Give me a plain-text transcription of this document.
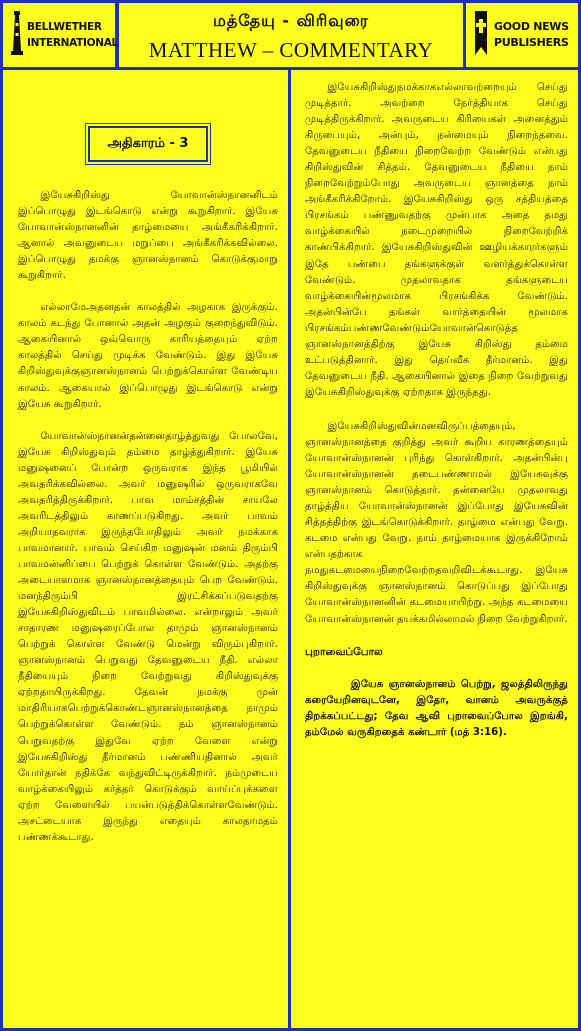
BELLWETHER
INTERNATIONAL
மத்தேயு - விரிவுரை
MATTHEW – COMMENTARY
GOOD NEWS
PUBLISHERS
அதிகாரம் - 3

இயேசுகிறிஸ்து யோவான்ஸ்நானனிடம் இப்பொழுது இடங்கொடு என்று கூறுகிறார். இயேசு யோவான்ஸ்நானனின் தாழ்மையை அங்கீகரிக்கிறார். ஆனால் அவனுடைய மறுப்பை அங்கீகரிக்கவில்லை. இப்பொழுது தமக்கு ஞானஸ்நானம் கொடுக்குமாறு கூறுகிறார்.

எல்லாமேஅதனதன் காலத்தில் அழகாக இருக்கும். காலம் கடந்து போனால் அதன் அழகும் குறைந்துவிடும். ஆகையினால் ஒவ்வொரு காரியத்தையும் ஏற்ற காலத்தில் செய்து முடிக்க வேண்டும். இது இயேசு கிறிஸ்துவுக்குஞானஸ்நானம் பெற்றுக்கொள்ள வேண்டிய காலம். ஆகையால் இப்பொழுது இடங்கொடு என்று இயேசு கூறுகிறார்.

யோவான்ஸ்நானன்தன்னைதாழ்த்துவது போலவே, இயேசு கிறிஸ்துவும் தம்மை தாழ்த்துகிறார். இயேசு மனுஷனைப் போன்ற ஒருவராக இந்த பூமியில் அவதரிக்கவில்லை. அவர் மனுஷரில் ஒருவராகவே அவதரித்திருக்கிறார். பாவ மாம்சத்தின் சாயலே அவரிடத்திலும் காணப்படுகிறது. அவர் பாவம் அறியாதவராக இருந்தபோதிலும் அவர் நமக்காக பாவமானார். பாவம் செய்கிற மனுஷன் மனம் திரும்பி பாவமன்னிப்பை பெற்றுக் கொள்ள வேண்டும். அதற்கு அடையாளமாக ஞானஸ்நானத்தையும் பெற வேண்டும். மனந்திரும்பி இரட்சிக்கப்படுவதற்கு இயேசுகிறிஸ்துவிடம் பாவமில்லை. என்றாலும் அவர் சாதாரண மனுஷரைப்போல தாமும் ஞானஸ்நானம் பெற்றுக் கொள்ள வேண்டு மென்று விரும்புகிறார். ஞானஸ்நானம் பெறுவது தேவனுடைய நீதி. எல்லா நீதியையும் நிறை வேற்றுவது கிறிஸ்துவுக்கு ஏற்றதாயிருக்கிறது. தேவன் நமக்கு முன் மாதிரியாகபெற்றுக்கொண்டஞானஸ்நானத்தை நாமும் பெற்றுக்கொள்ள வேண்டும். நம் ஞானஸ்நானம் பெறுவதற்கு இதுவே ஏற்ற வேளை என்று இயேசுகிறிஸ்து தீர்மானம் பண்ணியதினால் அவர் யோர்தான் நதிக்கே வந்துவிட்டிருக்கிறார். நம்முடைய வாழ்க்கையிலும் கர்த்தர் கொடுக்கும் வாய்ப்புக்களை ஏற்ற வேளையில் பயன்படுத்திக்கொள்ளவேண்டும். அசட்டையாக இருந்து எதையும் காலதாமதம் பண்ணக்கூடாது.

இயேசுகிறிஸ்துநமக்காகஎல்லாவற்றையும் செய்து முடித்தார். அவற்றை நேர்த்தியாக செய்து முடித்திருக்கிறார். அவருடைய கிரியைகள் அனைத்தும் கிருபையும், அன்பும், நன்மையும் நிறைந்தவை. தேவனுடைய நீதியை நிறைவேற்ற வேண்டும் என்பது கிறிஸ்துவின் சித்தம். தேவனுடைய நீதியை நாம் நிறைவேற்றும்போது அவருடைய ஞானத்தை நாம் அங்கீகரிக்கிறோம். இயேசுகிறிஸ்து ஒரு சத்தியத்தை பிரசங்கம் பண்ணுவதற்கு முன்பாக அதை தமது வாழ்க்கையில் நடைமுறையில் நிறைவேற்றிக் காண்பிக்கிறார். இயேசுகிறிஸ்துவின் ஊழியக்காரர்களும் இதே பண்பை தங்களுக்குள் வளர்த்துக்கொள்ள வேண்டும். முதலாவதாக தங்களுடைய வாழ்க்கையின்மூலமாக பிரசங்கிக்க வேண்டும். அதன்பின்பே தங்கள் வார்த்தையின் மூலமாக பிரசங்கம்பண்ணவேண்டும்யோவான்கொடுத்த ஞானஸ்நானத்திற்கு இயேசு கிறிஸ்து தம்மை உட்படுத்தினார். இது தெய்வீக தீர்மானம். இது தேவனுடைய நீதி. ஆகையினால் இதை நிறை வேற்றுவது இயேசுகிறிஸ்துவுக்கு ஏற்றதாக இருந்தது.

இயேசுகிறிஸ்துவின்மனவிருப்பத்தையும், ஞானஸ்நானத்தை குறித்து அவர் கூறிய காரணத்தையும் யோவான்ஸ்நானன் புரிந்து கொள்கிறார். அதன்பின்பு யோவான்ஸ்நானன் தடைபண்ணாமல் இயேசுவுக்கு ஞானஸ்நானம் கொடுத்தார். தன்னையே முதலாவது தாழ்த்திய யோவான்ஸ்நானன் இப்போது இயேசுவின் சித்தத்திற்கு இடங்கொடுக்கிறார். தாழ்மை என்பது வேறு. கடமை என்பது வேறு. நாம் தாழ்மையாக இருக்கிறோம் என்பதற்காக நமதுகடமையைநிறைவேற்றதவறிவிடக்கூடாது. இயேசு கிறிஸ்துவுக்கு ஞானஸ்நானம் கொடுப்பது இப்போது யோவான்ஸ்நானனின் கடமையாயிற்று. அந்த கடமையை யோவான்ஸ்நானன் தயக்கமில்லாமல் நிறை வேற்றுகிறார்.

புறாவைப்போல

இயேசு ஞானஸ்நானம் பெற்று, ஜலத்திலிருந்து கரையேறினவுடனே, இதோ, வானம் அவருக்குத் திறக்கப்பட்டது; தேவ ஆவி புறாவைப்போல இறங்கி, தம்மேல் வருகிறதைக் கண்டார் (மத் 3:16).
